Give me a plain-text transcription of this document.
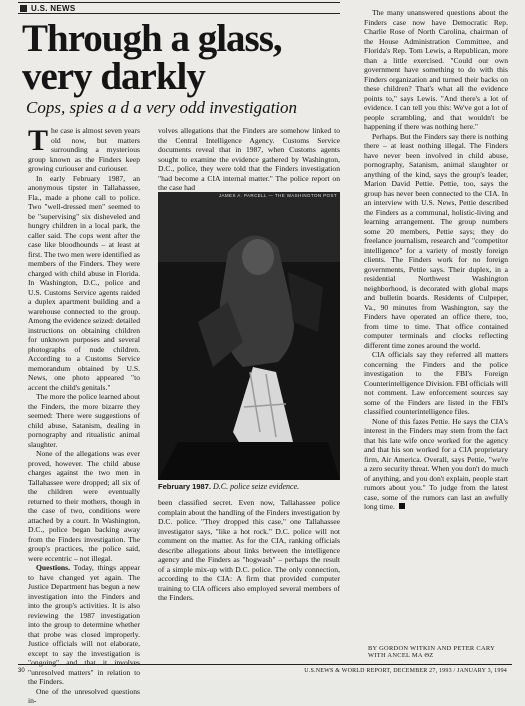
U.S. NEWS
Through a glass,
very darkly
Cops, spies a d a very odd investigation

The case is almost seven years old now, but matters surrounding a mysterious group known as the Finders keep growing curiouser and curiouser.

In early February 1987, an anonymous tipster in Tallahassee, Fla., made a phone call to police. Two "well-dressed men" seemed to be "supervising" six disheveled and hungry children in a local park, the caller said. The cops went after the case like bloodhounds – at least at first. The two men were identified as members of the Finders. They were charged with child abuse in Florida. In Washington, D.C., police and U.S. Customs Service agents raided a duplex apartment building and a warehouse connected to the group. Among the evidence seized: detailed instructions on obtaining children for unknown purposes and several photographs of nude children. According to a Customs Service memorandum obtained by U.S. News, one photo appeared "to accent the child's genitals."

The more the police learned about the Finders, the more bizarre they seemed: There were suggestions of child abuse, Satanism, dealing in pornography and ritualistic animal slaughter.

None of the allegations was ever proved, however. The child abuse charges against the two men in Tallahassee were dropped; all six of the children were eventually returned to their mothers, though in the case of two, conditions were attached by a court. In Washington, D.C., police began backing away from the Finders investigation. The group's practices, the police said, were eccentric – not illegal.

Questions. Today, things appear to have changed yet again. The Justice Department has begun a new investigation into the Finders and into the group's activities. It is also reviewing the 1987 investigation into the group to determine whether that probe was closed improperly. Justice officials will not elaborate, except to say the investigation is "ongoing" and that it involves "unresolved matters" in relation to the Finders.

One of the unresolved questions in-

volves allegations that the Finders are somehow linked to the Central Intelligence Agency. Customs Service documents reveal that in 1987, when Customs agents sought to examine the evidence gathered by Washington, D.C., police, they were told that the Finders investigation "had become a CIA internal matter." The police report on the case had

JAMES A. PARCELL — THE WASHINGTON POST
February 1987. D.C. police seize evidence.

been classified secret. Even now, Tallahassee police complain about the handling of the Finders investigation by D.C. police. "They dropped this case," one Tallahassee investigator says, "like a hot rock." D.C. police will not comment on the matter. As for the CIA, ranking officials describe allegations about links between the intelligence agency and the Finders as "hogwash" – perhaps the result of a simple mix-up with D.C. police. The only connection, according to the CIA: A firm that provided computer training to CIA officers also employed several members of the Finders.

The many unanswered questions about the Finders case now have Democratic Rep. Charlie Rose of North Carolina, chairman of the House Administration Committee, and Florida's Rep. Tom Lewis, a Republican, more than a little exercised. "Could our own government have something to do with this Finders organization and turned their backs on these children? That's what all the evidence points to," says Lewis. "And there's a lot of evidence. I can tell you this: We've got a lot of people scrambling, and that wouldn't be happening if there was nothing here."

Perhaps. But the Finders say there is nothing there – at least nothing illegal. The Finders have never been involved in child abuse, pornography, Satanism, animal slaughter or anything of the kind, says the group's leader, Marion David Pettie. Pettie, too, says the group has never been connected to the CIA. In an interview with U.S. News, Pettie described the Finders as a communal, holistic-living and learning arrangement. The group numbers some 20 members, Pettie says; they do freelance journalism, research and "competitor intelligence" for a variety of mostly foreign clients. The Finders work for no foreign governments, Pettie says. Their duplex, in a residential Northwest Washington neighborhood, is decorated with global maps and bulletin boards. Residents of Culpeper, Va., 90 minutes from Washington, say the Finders have operated an office there, too, from time to time. That office contained computer terminals and clocks reflecting different time zones around the world.

CIA officials say they referred all matters concerning the Finders and the police investigation to the FBI's Foreign Counterintelligence Division. FBI officials will not comment. Law enforcement sources say some of the Finders are listed in the FBI's classified counterintelligence files.

None of this fazes Pettie. He says the CIA's interest in the Finders may stem from the fact that his late wife once worked for the agency and that his son worked for a CIA proprietary firm, Air America. Overall, says Pettie, "we're a zero security threat. When you don't do much of anything, and you don't explain, people start rumors about you." To judge from the latest case, some of the rumors can last an awfully long time.

BY GORDON WITKIN AND PETER CARY WITH ANCEL MA ΘZ
30	U.S.NEWS & WORLD REPORT, DECEMBER 27, 1993 / JANUARY 3, 1994
